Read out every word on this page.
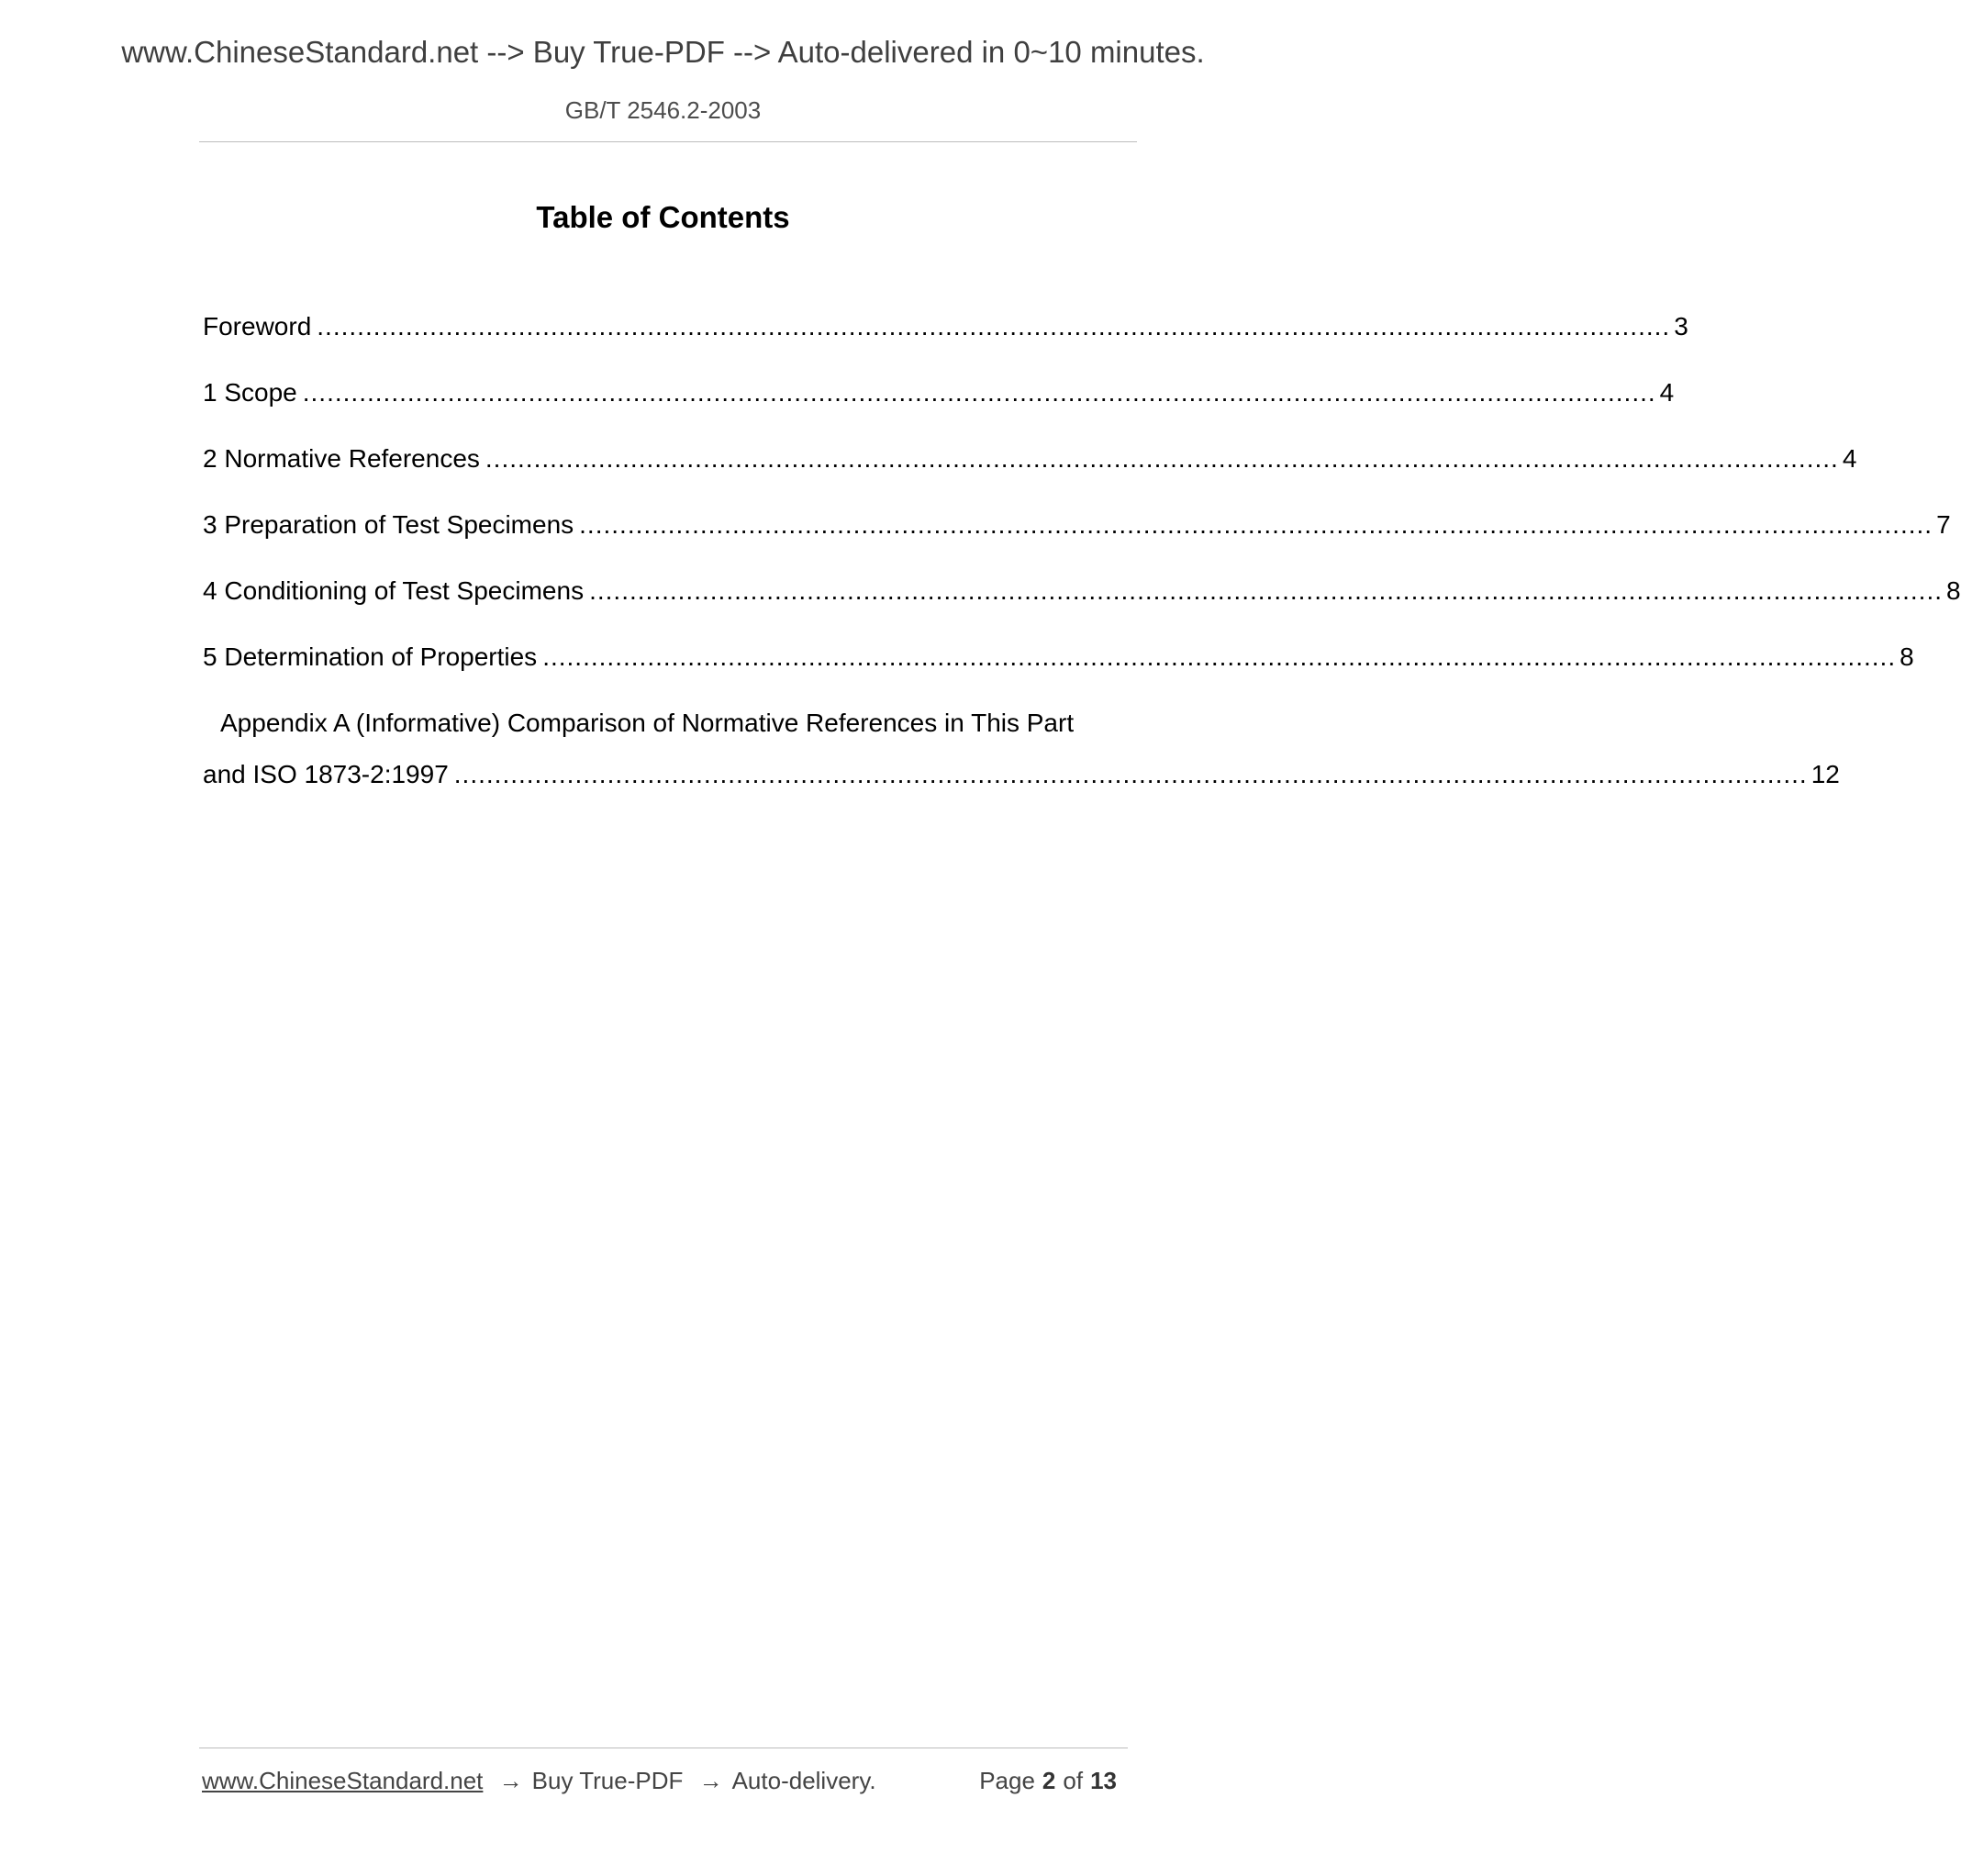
www.ChineseStandard.net --> Buy True-PDF --> Auto-delivered in 0~10 minutes.
GB/T 2546.2-2003
Table of Contents
Foreword ........................................................................................................................................................................ 3
1 Scope ........................................................................................................................................................................ 4
2 Normative References ........................................................................................................................................................................ 4
3 Preparation of Test Specimens ........................................................................................................................................................................ 7
4 Conditioning of Test Specimens ........................................................................................................................................................................ 8
5 Determination of Properties ........................................................................................................................................................................ 8
Appendix A (Informative) Comparison of Normative References in This Part
and ISO 1873-2:1997 ........................................................................................................................................................................ 12
www.ChineseStandard.net → Buy True-PDF → Auto-delivery.	Page 2 of 13
